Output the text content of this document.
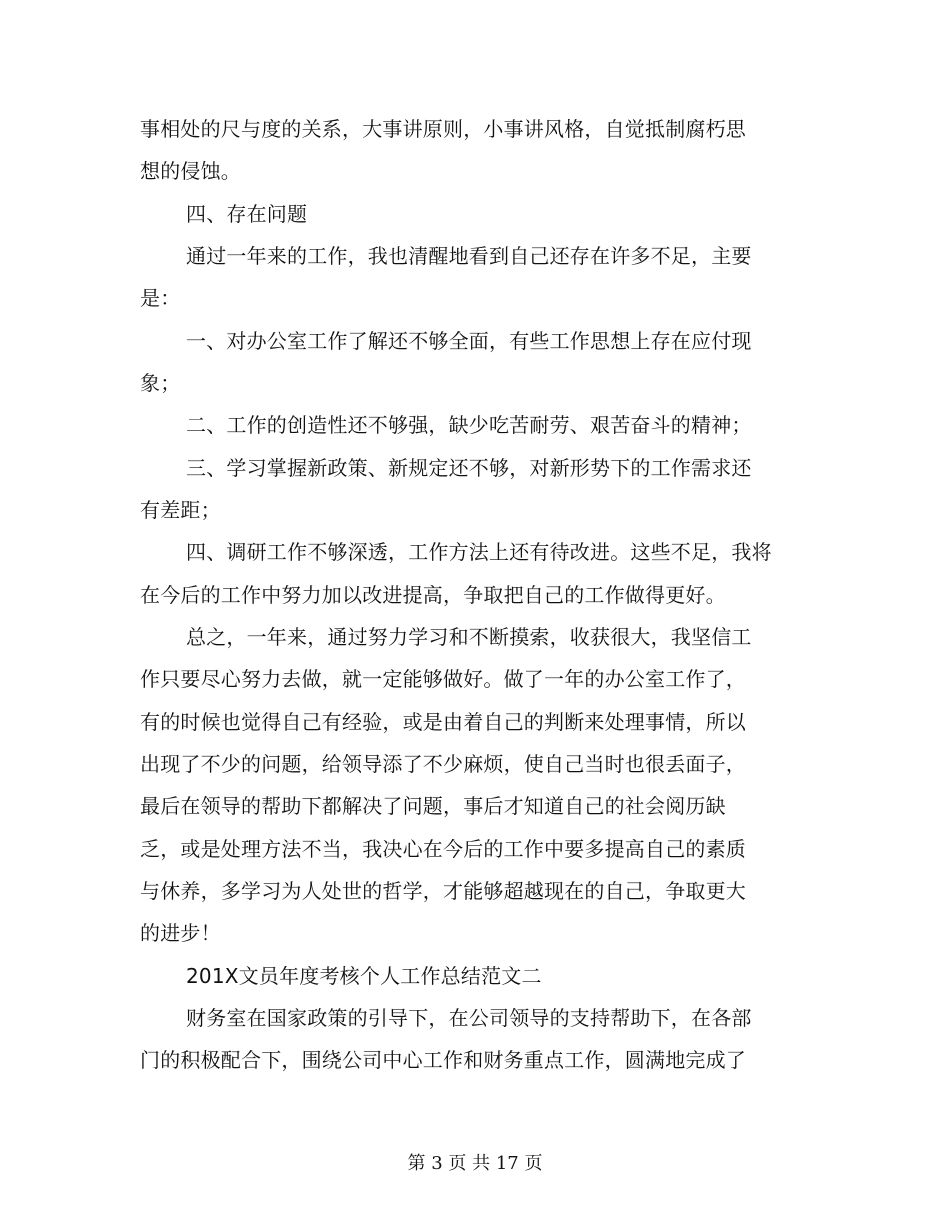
事相处的尺与度的关系，大事讲原则，小事讲风格，自觉抵制腐朽思
想的侵蚀。
四、存在问题
通过一年来的工作，我也清醒地看到自己还存在许多不足，主要
是：
一、对办公室工作了解还不够全面，有些工作思想上存在应付现
象；
二、工作的创造性还不够强，缺少吃苦耐劳、艰苦奋斗的精神；
三、学习掌握新政策、新规定还不够，对新形势下的工作需求还
有差距；
四、调研工作不够深透，工作方法上还有待改进。这些不足，我将
在今后的工作中努力加以改进提高，争取把自己的工作做得更好。
总之，一年来，通过努力学习和不断摸索，收获很大，我坚信工
作只要尽心努力去做，就一定能够做好。做了一年的办公室工作了，
有的时候也觉得自己有经验，或是由着自己的判断来处理事情，所以
出现了不少的问题，给领导添了不少麻烦，使自己当时也很丢面子，
最后在领导的帮助下都解决了问题，事后才知道自己的社会阅历缺
乏，或是处理方法不当，我决心在今后的工作中要多提高自己的素质
与休养，多学习为人处世的哲学，才能够超越现在的自己，争取更大
的进步！
201X文员年度考核个人工作总结范文二
财务室在国家政策的引导下，在公司领导的支持帮助下，在各部
门的积极配合下，围绕公司中心工作和财务重点工作，圆满地完成了
第 3 页 共 17 页
